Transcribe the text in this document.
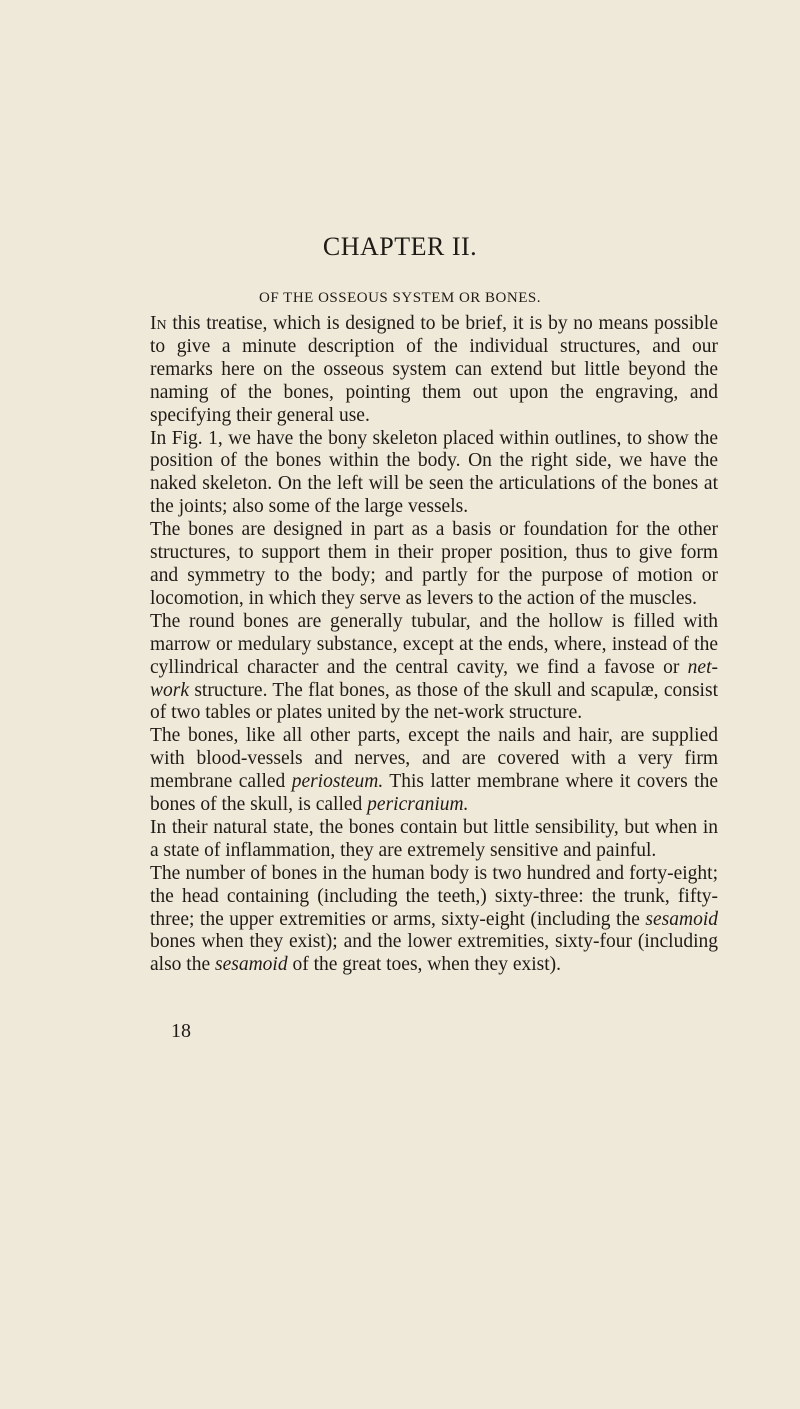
CHAPTER II.
OF THE OSSEOUS SYSTEM OR BONES.

In this treatise, which is designed to be brief, it is by no means possible to give a minute description of the individual structures, and our remarks here on the osseous system can extend but little beyond the naming of the bones, pointing them out upon the engraving, and specifying their general use.

In Fig. 1, we have the bony skeleton placed within outlines, to show the position of the bones within the body. On the right side, we have the naked skeleton. On the left will be seen the articulations of the bones at the joints; also some of the large vessels.

The bones are designed in part as a basis or foundation for the other structures, to support them in their proper position, thus to give form and symmetry to the body; and partly for the purpose of motion or locomotion, in which they serve as levers to the action of the muscles.

The round bones are generally tubular, and the hollow is filled with marrow or medulary substance, except at the ends, where, instead of the cyllindrical character and the central cavity, we find a favose or net-work structure. The flat bones, as those of the skull and scapulæ, consist of two tables or plates united by the net-work structure.

The bones, like all other parts, except the nails and hair, are supplied with blood-vessels and nerves, and are covered with a very firm membrane called periosteum. This latter membrane where it covers the bones of the skull, is called pericranium.

In their natural state, the bones contain but little sensibility, but when in a state of inflammation, they are extremely sensitive and painful.

The number of bones in the human body is two hundred and forty-eight; the head containing (including the teeth,) sixty-three: the trunk, fifty-three; the upper extremities or arms, sixty-eight (including the sesamoid bones when they exist); and the lower extremities, sixty-four (including also the sesamoid of the great toes, when they exist).

18
